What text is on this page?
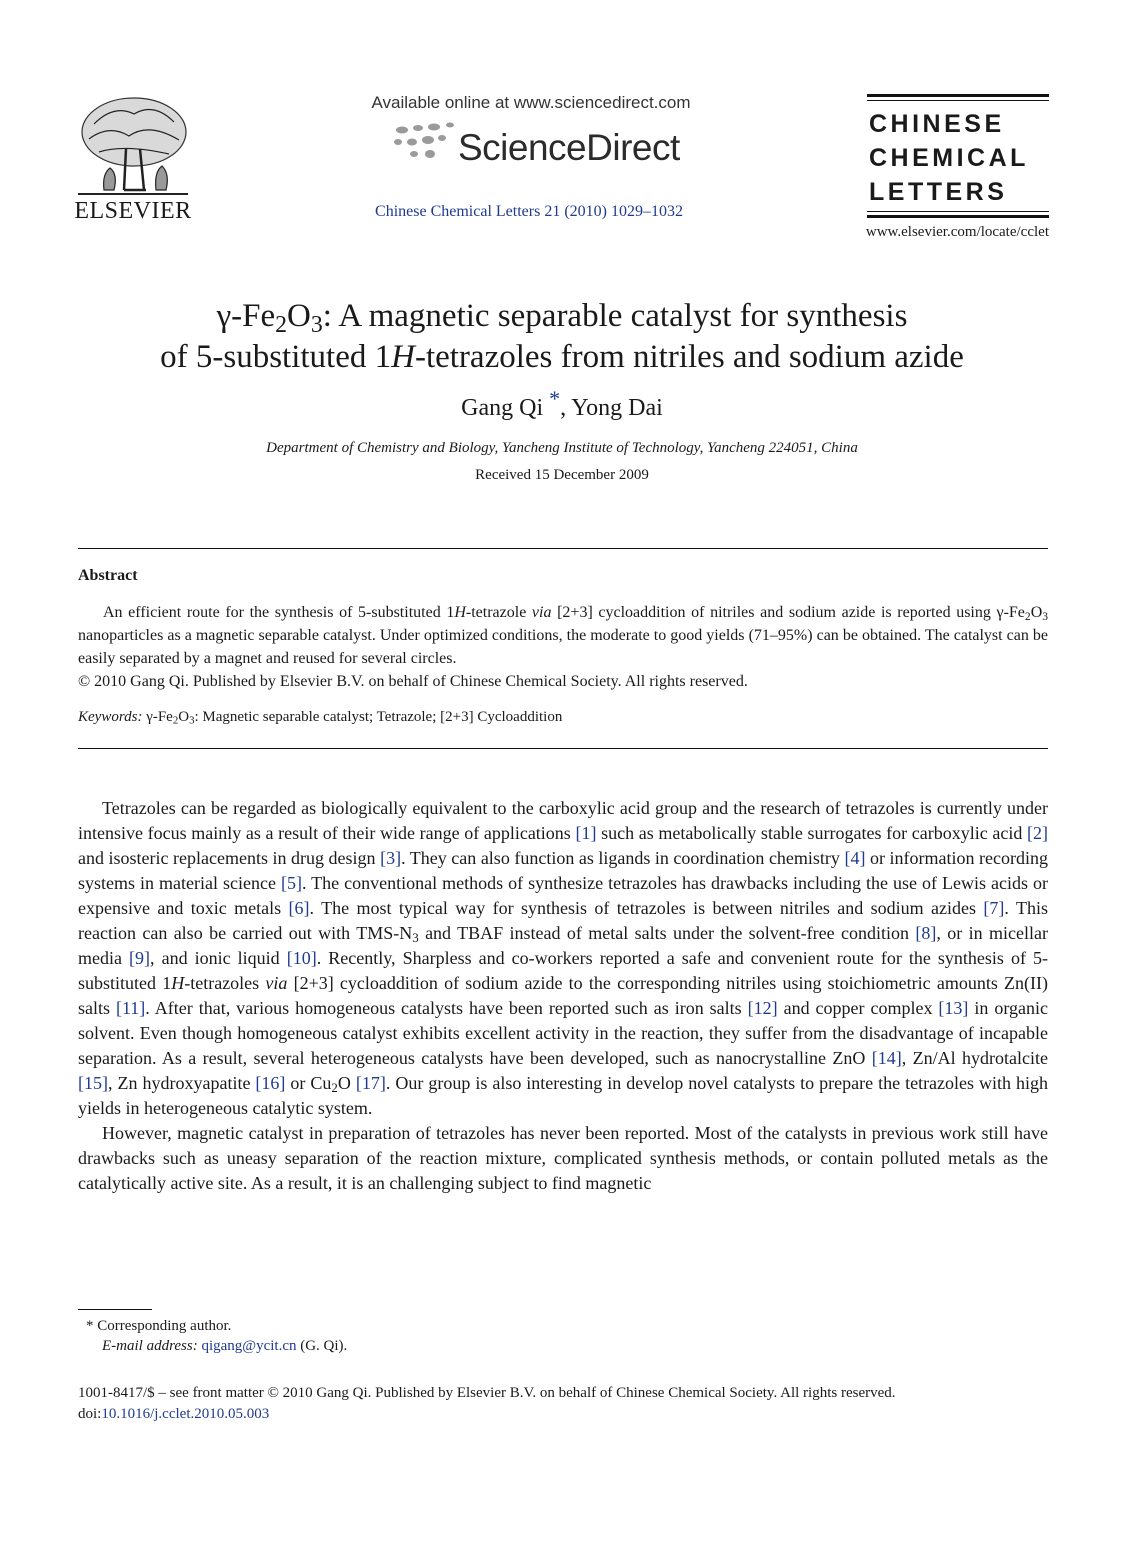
ELSEVIER
Available online at www.sciencedirect.com
ScienceDirect
Chinese Chemical Letters 21 (2010) 1029–1032
CHINESE
CHEMICAL
LETTERS
www.elsevier.com/locate/cclet
$\gamma-Fe_2O_3$: A magnetic separable catalyst for synthesis
of 5-substituted 1H-tetrazoles from nitriles and sodium azide
Gang Qi *, Yong Dai
Department of Chemistry and Biology, Yancheng Institute of Technology, Yancheng 224051, China
Received 15 December 2009
Abstract

An efficient route for the synthesis of 5-substituted 1H-tetrazole via [2+3] cycloaddition of nitriles and sodium azide is reported using $\gamma-Fe_2O_3$ nanoparticles as a magnetic separable catalyst. Under optimized conditions, the moderate to good yields (71–95%) can be obtained. The catalyst can be easily separated by a magnet and reused for several circles.

© 2010 Gang Qi. Published by Elsevier B.V. on behalf of Chinese Chemical Society. All rights reserved.
Keywords: $\gamma-Fe_2O_3$: Magnetic separable catalyst; Tetrazole; [2+3] Cycloaddition

Tetrazoles can be regarded as biologically equivalent to the carboxylic acid group and the research of tetrazoles is currently under intensive focus mainly as a result of their wide range of applications [1] such as metabolically stable surrogates for carboxylic acid [2] and isosteric replacements in drug design [3]. They can also function as ligands in coordination chemistry [4] or information recording systems in material science [5]. The conventional methods of synthesize tetrazoles has drawbacks including the use of Lewis acids or expensive and toxic metals [6]. The most typical way for synthesis of tetrazoles is between nitriles and sodium azides [7]. This reaction can also be carried out with TMS-$N_3$ and TBAF instead of metal salts under the solvent-free condition [8], or in micellar media [9], and ionic liquid [10]. Recently, Sharpless and co-workers reported a safe and convenient route for the synthesis of 5-substituted 1H-tetrazoles via [2+3] cycloaddition of sodium azide to the corresponding nitriles using stoichiometric amounts Zn(II) salts [11]. After that, various homogeneous catalysts have been reported such as iron salts [12] and copper complex [13] in organic solvent. Even though homogeneous catalyst exhibits excellent activity in the reaction, they suffer from the disadvantage of incapable separation. As a result, several heterogeneous catalysts have been developed, such as nanocrystalline ZnO [14], Zn/Al hydrotalcite [15], Zn hydroxyapatite [16] or $Cu_2O$ [17]. Our group is also interesting in develop novel catalysts to prepare the tetrazoles with high yields in heterogeneous catalytic system.

However, magnetic catalyst in preparation of tetrazoles has never been reported. Most of the catalysts in previous work still have drawbacks such as uneasy separation of the reaction mixture, complicated synthesis methods, or contain polluted metals as the catalytically active site. As a result, it is an challenging subject to find magnetic

* Corresponding author.
E-mail address: qigang@ycit.cn (G. Qi).
1001-8417/$ – see front matter © 2010 Gang Qi. Published by Elsevier B.V. on behalf of Chinese Chemical Society. All rights reserved.
doi:10.1016/j.cclet.2010.05.003
